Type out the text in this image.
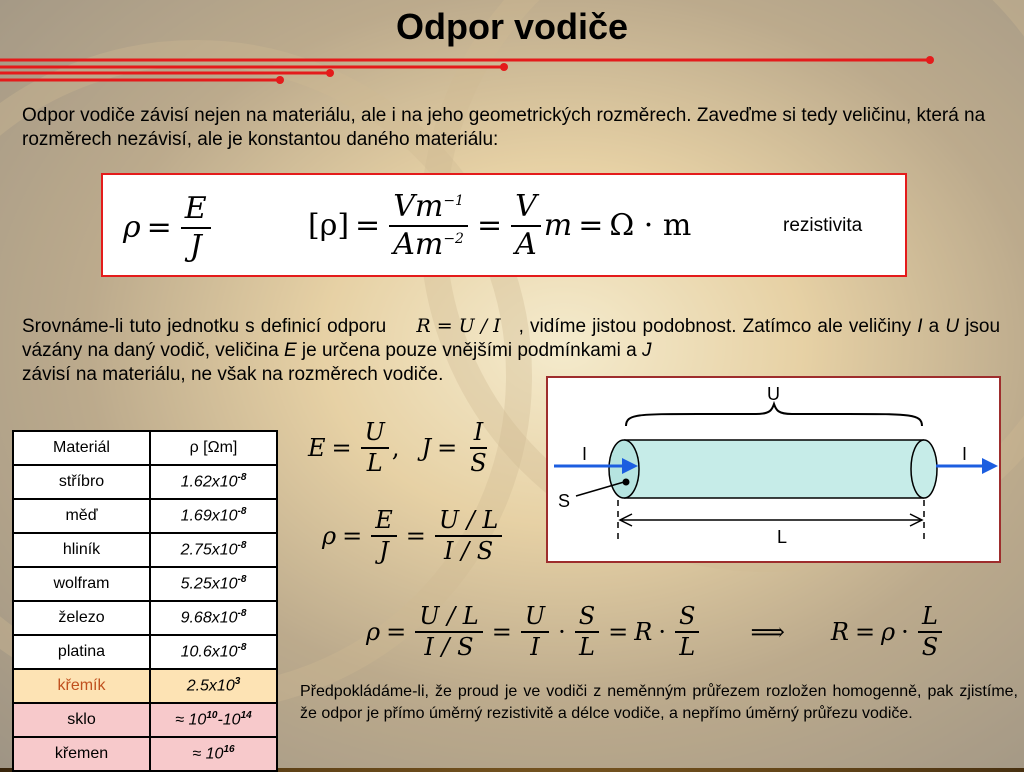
Odpor vodiče
Odpor vodiče závisí nejen na materiálu, ale i na jeho geometrických rozměrech. Zaveďme si tedy veličinu, která na rozměrech nezávisí, ale je konstantou daného materiálu:
$\rho = \frac{E}{J}$	$[\rho] = \frac{Vm^{-1}}{Am^{-2}} = \frac{V}{A}$ m = Ω · m	rezistivita
Srovnáme-li tuto jednotku s definicí odporu R = U / I , vidíme jistou podobnost. Zatímco ale veličiny I a U jsou vázány na daný vodič, veličina E je určena pouze vnějšími podmínkami a J
závisí na materiálu, ne však na rozměrech vodiče.
$E = \frac{U}{L}$ , $J = \frac{I}{S}$
$\rho = \frac{E}{J} = \frac{U / L}{I / S}$
$\rho = \frac{U / L}{I / S} = \frac{U}{I} \cdot \frac{S}{L} = R \cdot \frac{S}{L}$ ⟹ $R = \rho \cdot \frac{L}{S}$
Materiál	ρ [Ωm]
stříbro	$1.62x10^{-8}$
měď	$1.69x10^{-8}$
hliník	$2.75x10^{-8}$
wolfram	$5.25x10^{-8}$
železo	$9.68x10^{-8}$
platina	$10.6x10^{-8}$
křemík	$2.5x10^3$
sklo	≈ $10^{10}-10^{14}$
křemen	≈ $10^{16}$
U
I	I
S
L
Předpokládáme-li, že proud je ve vodiči z neměnným průřezem rozložen homogenně, pak zjistíme, že odpor je přímo úměrný rezistivitě a délce vodiče, a nepřímo úměrný průřezu vodiče.
